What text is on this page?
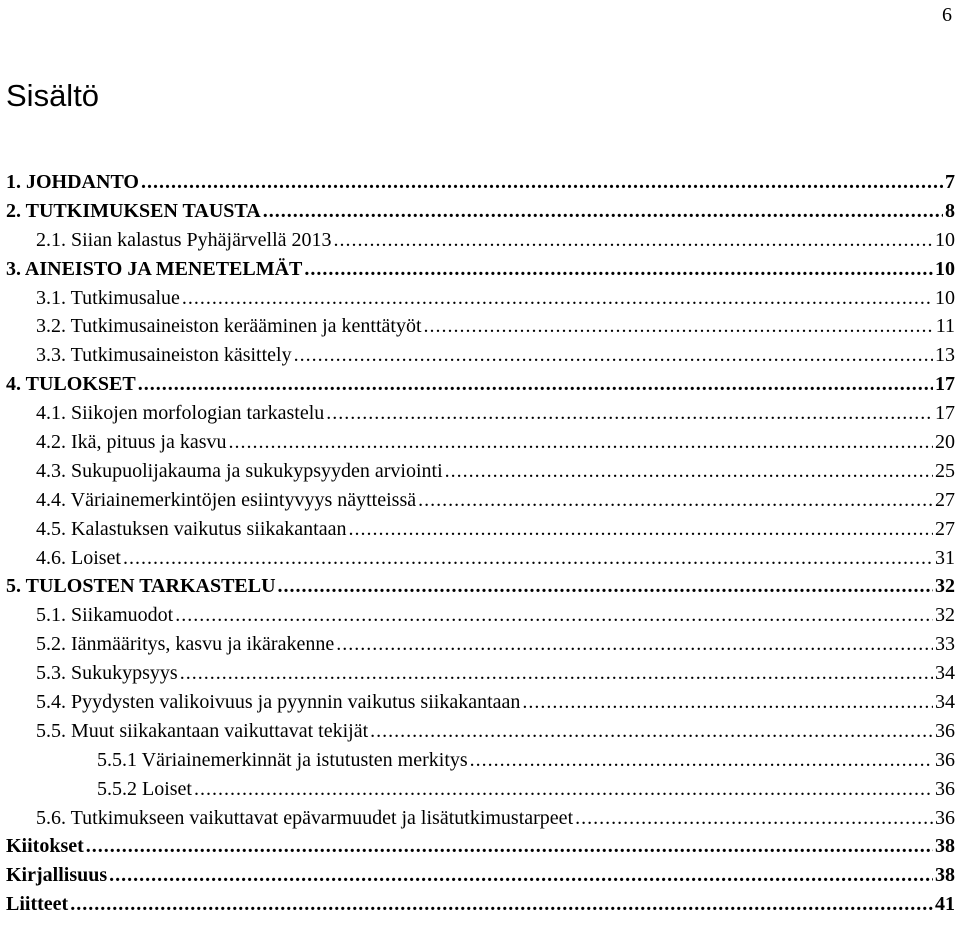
6
Sisältö
1. JOHDANTO .....	7
2. TUTKIMUKSEN TAUSTA .....	8
2.1. Siian kalastus Pyhäjärvellä 2013 .....	10
3. AINEISTO JA MENETELMÄT .....	10
3.1. Tutkimusalue .....	10
3.2. Tutkimusaineiston kerääminen ja kenttätyöt .....	11
3.3. Tutkimusaineiston käsittely .....	13
4. TULOKSET .....	17
4.1. Siikojen morfologian tarkastelu .....	17
4.2. Ikä, pituus ja kasvu .....	20
4.3. Sukupuolijakauma ja sukukypsyyden arviointi .....	25
4.4. Väriainemerkintöjen esiintyvyys näytteissä .....	27
4.5. Kalastuksen vaikutus siikakantaan .....	27
4.6. Loiset .....	31
5. TULOSTEN TARKASTELU .....	32
5.1. Siikamuodot .....	32
5.2. Iänmääritys, kasvu ja ikärakenne .....	33
5.3. Sukukypsyys .....	34
5.4. Pyydysten valikoivuus ja pyynnin vaikutus siikakantaan .....	34
5.5. Muut siikakantaan vaikuttavat tekijät .....	36
5.5.1 Väriainemerkinnät ja istutusten merkitys .....	36
5.5.2 Loiset .....	36
5.6. Tutkimukseen vaikuttavat epävarmuudet ja lisätutkimustarpeet .....	36
Kiitokset .....	38
Kirjallisuus .....	38
Liitteet .....	41
